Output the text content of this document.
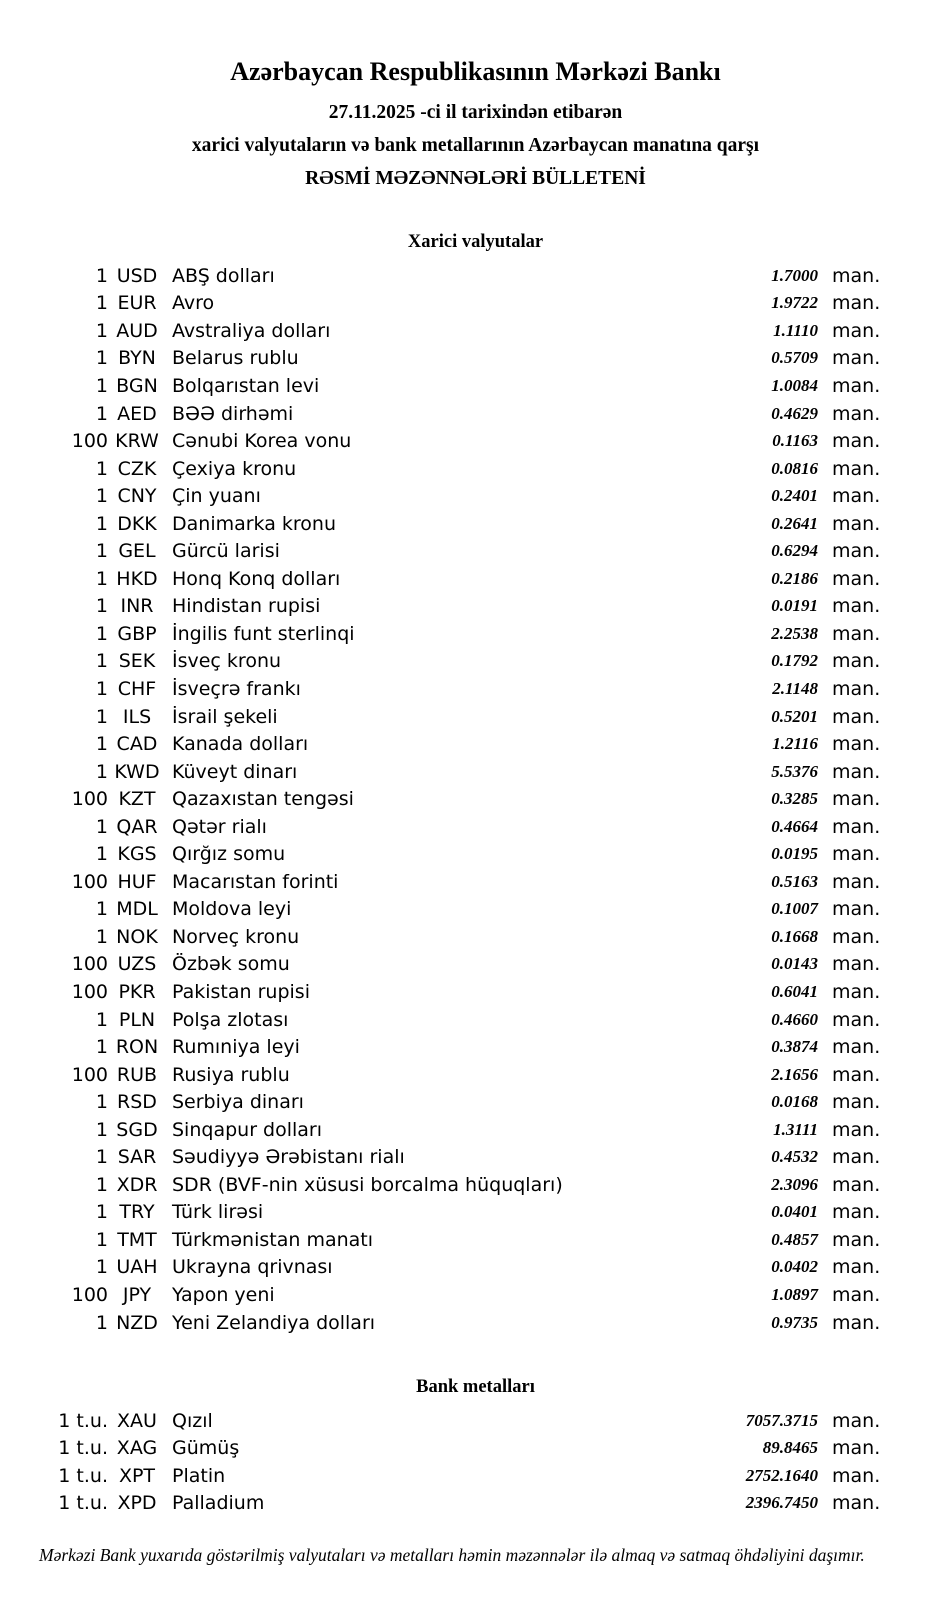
Azərbaycan Respublikasının Mərkəzi Bankı
27.11.2025 -ci il tarixindən etibarən
xarici valyutaların və bank metallarının Azərbaycan manatına qarşı
RƏSMİ MƏZƏNNƏLƏRİ BÜLLETENİ
Xarici valyutalar
1 USD ABŞ dolları	1.7000 man.
1 EUR Avro	1.9722 man.
1 AUD Avstraliya dolları	1.1110 man.
1 BYN Belarus rublu	0.5709 man.
1 BGN Bolqarıstan levi	1.0084 man.
1 AED BƏƏ dirhəmi	0.4629 man.
100 KRW Cənubi Korea vonu	0.1163 man.
1 CZK Çexiya kronu	0.0816 man.
1 CNY Çin yuanı	0.2401 man.
1 DKK Danimarka kronu	0.2641 man.
1 GEL Gürcü larisi	0.6294 man.
1 HKD Honq Konq dolları	0.2186 man.
1 INR Hindistan rupisi	0.0191 man.
1 GBP İngilis funt sterlinqi	2.2538 man.
1 SEK İsveç kronu	0.1792 man.
1 CHF İsveçrə frankı	2.1148 man.
1 ILS	İsrail şekeli	0.5201 man.
1 CAD Kanada dolları	1.2116 man.
1 KWD Küveyt dinarı	5.5376 man.
100 KZT Qazaxıstan tengəsi	0.3285 man.
1 QAR Qətər rialı	0.4664 man.
1 KGS Qırğız somu	0.0195 man.
100 HUF Macarıstan forinti	0.5163 man.
1 MDL Moldova leyi	0.1007 man.
1 NOK Norveç kronu	0.1668 man.
100 UZS Özbək somu	0.0143 man.
100 PKR Pakistan rupisi	0.6041 man.
1 PLN Polşa zlotası	0.4660 man.
1 RON Rumıniya leyi	0.3874 man.
100 RUB Rusiya rublu	2.1656 man.
1 RSD Serbiya dinarı	0.0168 man.
1 SGD Sinqapur dolları	1.3111 man.
1 SAR Səudiyyə Ərəbistanı rialı	0.4532 man.
1 XDR SDR (BVF-nin xüsusi borcalma hüquqları)	2.3096 man.
1 TRY Türk lirəsi	0.0401 man.
1 TMT Türkmənistan manatı	0.4857 man.
1 UAH Ukrayna qrivnası	0.0402 man.
100 JPY	Yapon yeni	1.0897 man.
1 NZD Yeni Zelandiya dolları	0.9735 man.
Bank metalları
1 t.u. XAU Qızıl	7057.3715 man.
1 t.u. XAG Gümüş	89.8465 man.
1 t.u. XPT Platin	2752.1640 man.
1 t.u. XPD Palladium	2396.7450 man.
Mərkəzi Bank yuxarıda göstərilmiş valyutaları və metalları həmin məzənnələr ilə almaq və satmaq öhdəliyini daşımır.
